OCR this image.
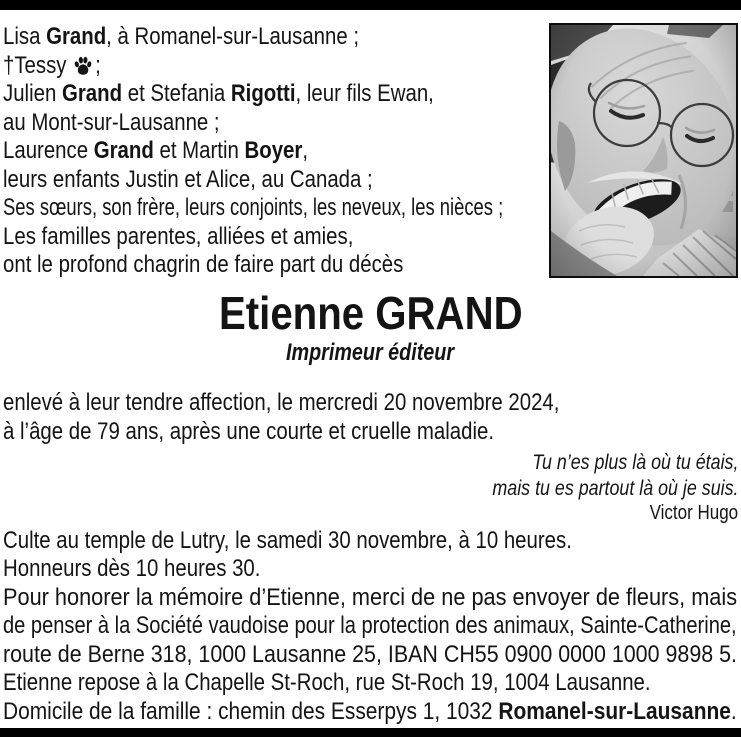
Lisa Grand, à Romanel-sur-Lausanne ;
†Tessy ;
Julien Grand et Stefania Rigotti, leur fils Ewan,
au Mont-sur-Lausanne ;
Laurence Grand et Martin Boyer,
leurs enfants Justin et Alice, au Canada ;
Ses sœurs, son frère, leurs conjoints, les neveux, les nièces ;
Les familles parentes, alliées et amies,
ont le profond chagrin de faire part du décès
Etienne GRAND
Imprimeur éditeur
enlevé à leur tendre affection, le mercredi 20 novembre 2024,
à l’âge de 79 ans, après une courte et cruelle maladie.
Tu n’es plus là où tu étais,
mais tu es partout là où je suis.
Victor Hugo
Culte au temple de Lutry, le samedi 30 novembre, à 10 heures.
Honneurs dès 10 heures 30.
Pour honorer la mémoire d’Etienne, merci de ne pas envoyer de fleurs, mais
de penser à la Société vaudoise pour la protection des animaux, Sainte-Catherine,
route de Berne 318, 1000 Lausanne 25, IBAN CH55 0900 0000 1000 9898 5.
Etienne repose à la Chapelle St-Roch, rue St-Roch 19, 1004 Lausanne.
Domicile de la famille : chemin des Esserpys 1, 1032 Romanel-sur-Lausanne.
